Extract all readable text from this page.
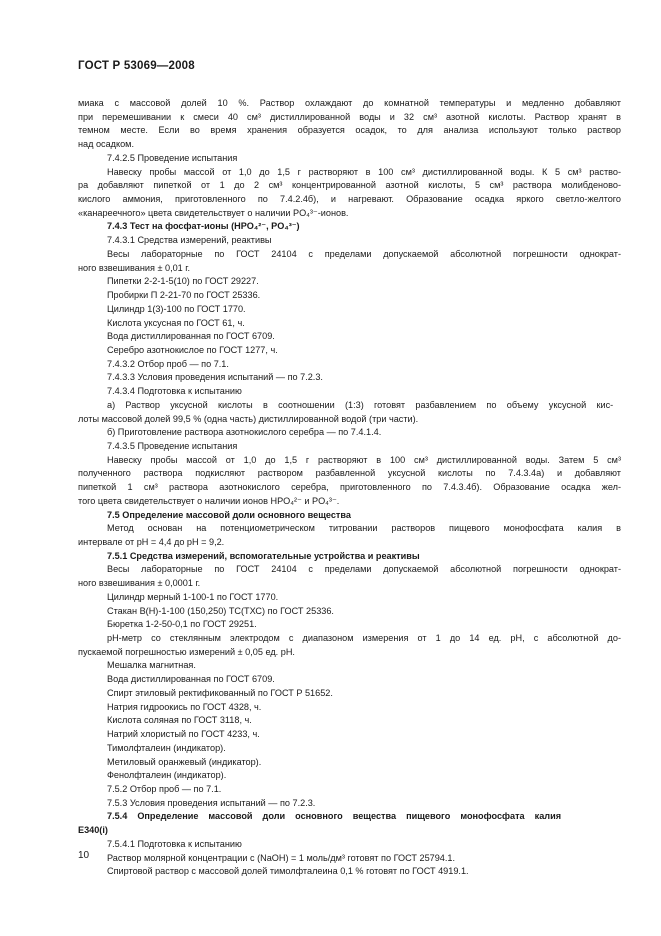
ГОСТ Р 53069—2008
миака с массовой долей 10 %. Раствор охлаждают до комнатной температуры и медленно добавляют
при перемешивании к смеси 40 см³ дистиллированной воды и 32 см³ азотной кислоты. Раствор хранят в
темном месте. Если во время хранения образуется осадок, то для анализа используют только раствор
над осадком.
7.4.2.5 Проведение испытания
Навеску пробы массой от 1,0 до 1,5 г растворяют в 100 см³ дистиллированной воды. К 5 см³ раство-
ра добавляют пипеткой от 1 до 2 см³ концентрированной азотной кислоты, 5 см³ раствора молибденово-
кислого аммония, приготовленного по 7.4.2.4б), и нагревают. Образование осадка яркого светло-желтого
«канареечного» цвета свидетельствует о наличии PO₄³⁻-ионов.
7.4.3 Тест на фосфат-ионы (HPO₄²⁻, PO₄³⁻)
7.4.3.1 Средства измерений, реактивы
Весы лабораторные по ГОСТ 24104 с пределами допускаемой абсолютной погрешности однократ-
ного взвешивания ± 0,01 г.
Пипетки 2-2-1-5(10) по ГОСТ 29227.
Пробирки П 2-21-70 по ГОСТ 25336.
Цилиндр 1(3)-100 по ГОСТ 1770.
Кислота уксусная по ГОСТ 61, ч.
Вода дистиллированная по ГОСТ 6709.
Серебро азотнокислое по ГОСТ 1277, ч.
7.4.3.2 Отбор проб — по 7.1.
7.4.3.3 Условия проведения испытаний — по 7.2.3.
7.4.3.4 Подготовка к испытанию
а) Раствор уксусной кислоты в соотношении (1:3) готовят разбавлением по объему уксусной кис-
лоты массовой долей 99,5 % (одна часть) дистиллированной водой (три части).
б) Приготовление раствора азотнокислого серебра — по 7.4.1.4.
7.4.3.5 Проведение испытания
Навеску пробы массой от 1,0 до 1,5 г растворяют в 100 см³ дистиллированной воды. Затем 5 см³
полученного раствора подкисляют раствором разбавленной уксусной кислоты по 7.4.3.4а) и добавляют
пипеткой 1 см³ раствора азотнокислого серебра, приготовленного по 7.4.3.4б). Образование осадка жел-
того цвета свидетельствует о наличии ионов HPO₄²⁻ и PO₄³⁻.
7.5 Определение массовой доли основного вещества
Метод основан на потенциометрическом титровании растворов пищевого монофосфата калия в
интервале от pH = 4,4 до pH = 9,2.
7.5.1 Средства измерений, вспомогательные устройства и реактивы
Весы лабораторные по ГОСТ 24104 с пределами допускаемой абсолютной погрешности однократ-
ного взвешивания ± 0,0001 г.
Цилиндр мерный 1-100-1 по ГОСТ 1770.
Стакан В(Н)-1-100 (150,250) ТС(ТХС) по ГОСТ 25336.
Бюретка 1-2-50-0,1 по ГОСТ 29251.
pH-метр со стеклянным электродом с диапазоном измерения от 1 до 14 ед. pH, с абсолютной до-
пускаемой погрешностью измерений ± 0,05 ед. pH.
Мешалка магнитная.
Вода дистиллированная по ГОСТ 6709.
Спирт этиловый ректификованный по ГОСТ Р 51652.
Натрия гидроокись по ГОСТ 4328, ч.
Кислота соляная по ГОСТ 3118, ч.
Натрий хлористый по ГОСТ 4233, ч.
Тимолфталеин (индикатор).
Метиловый оранжевый (индикатор).
Фенолфталеин (индикатор).
7.5.2 Отбор проб — по 7.1.
7.5.3 Условия проведения испытаний — по 7.2.3.
7.5.4 Определение массовой доли основного вещества пищевого монофосфата калия
Е340(i)
7.5.4.1 Подготовка к испытанию
Раствор молярной концентрации с (NaOH) = 1 моль/дм³ готовят по ГОСТ 25794.1.
Спиртовой раствор с массовой долей тимолфталеина 0,1 % готовят по ГОСТ 4919.1.
10
